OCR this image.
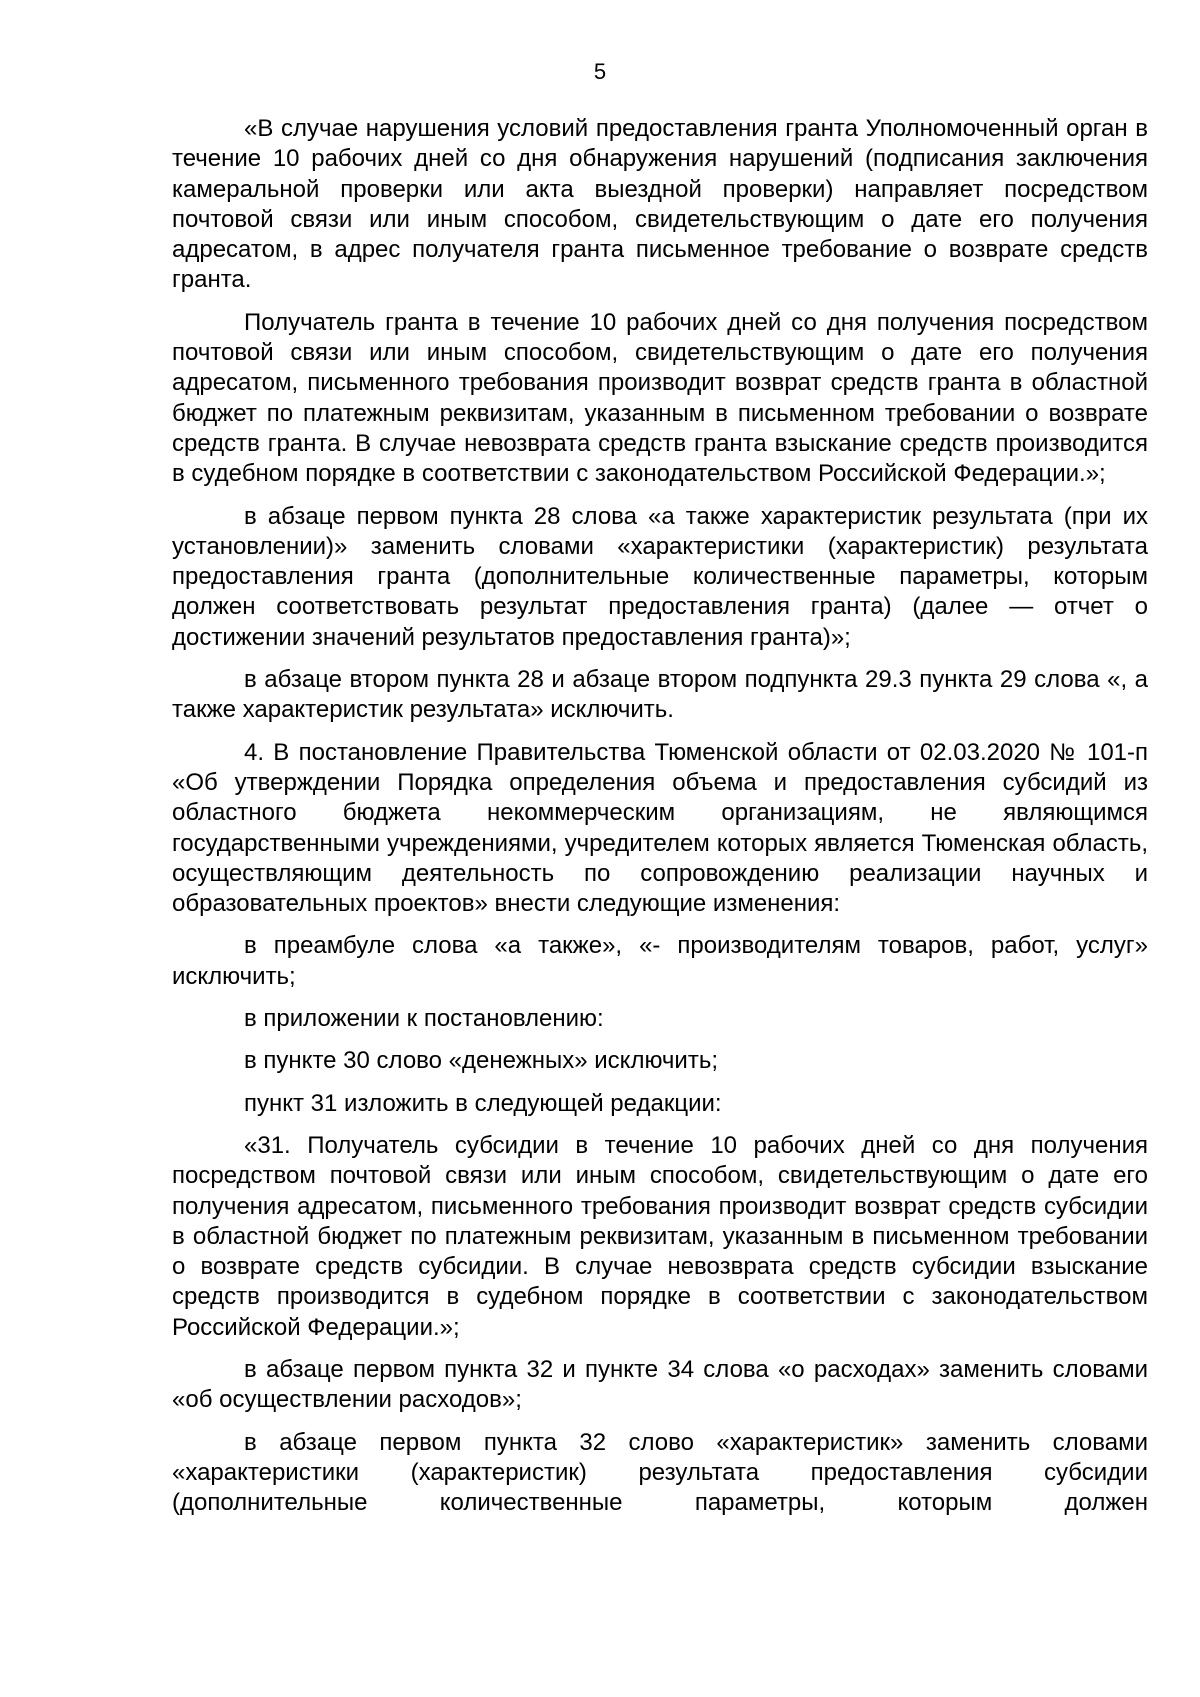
5

«В случае нарушения условий предоставления гранта Уполномоченный орган в течение 10 рабочих дней со дня обнаружения нарушений (подписания заключения камеральной проверки или акта выездной проверки) направляет посредством почтовой связи или иным способом, свидетельствующим о дате его получения адресатом, в адрес получателя гранта письменное требование о возврате средств гранта.

Получатель гранта в течение 10 рабочих дней со дня получения посредством почтовой связи или иным способом, свидетельствующим о дате его получения адресатом, письменного требования производит возврат средств гранта в областной бюджет по платежным реквизитам, указанным в письменном требовании о возврате средств гранта. В случае невозврата средств гранта взыскание средств производится в судебном порядке в соответствии с законодательством Российской Федерации.»;

в абзаце первом пункта 28 слова «а также характеристик результата (при их установлении)» заменить словами «характеристики (характеристик) результата предоставления гранта (дополнительные количественные параметры, которым должен соответствовать результат предоставления гранта) (далее — отчет о достижении значений результатов предоставления гранта)»;

в абзаце втором пункта 28 и абзаце втором подпункта 29.3 пункта 29 слова «, а также характеристик результата» исключить.

4. В постановление Правительства Тюменской области от 02.03.2020 № 101-п «Об утверждении Порядка определения объема и предоставления субсидий из областного бюджета некоммерческим организациям, не являющимся государственными учреждениями, учредителем которых является Тюменская область, осуществляющим деятельность по сопровождению реализации научных и образовательных проектов» внести следующие изменения:

в преамбуле слова «а также», «- производителям товаров, работ, услуг» исключить;

в приложении к постановлению:

в пункте 30 слово «денежных» исключить;

пункт 31 изложить в следующей редакции:

«31. Получатель субсидии в течение 10 рабочих дней со дня получения посредством почтовой связи или иным способом, свидетельствующим о дате его получения адресатом, письменного требования производит возврат средств субсидии в областной бюджет по платежным реквизитам, указанным в письменном требовании о возврате средств субсидии. В случае невозврата средств субсидии взыскание средств производится в судебном порядке в соответствии с законодательством Российской Федерации.»;

в абзаце первом пункта 32 и пункте 34 слова «о расходах» заменить словами «об осуществлении расходов»;

в абзаце первом пункта 32 слово «характеристик» заменить словами «характеристики (характеристик) результата предоставления субсидии (дополнительные количественные параметры, которым должен
